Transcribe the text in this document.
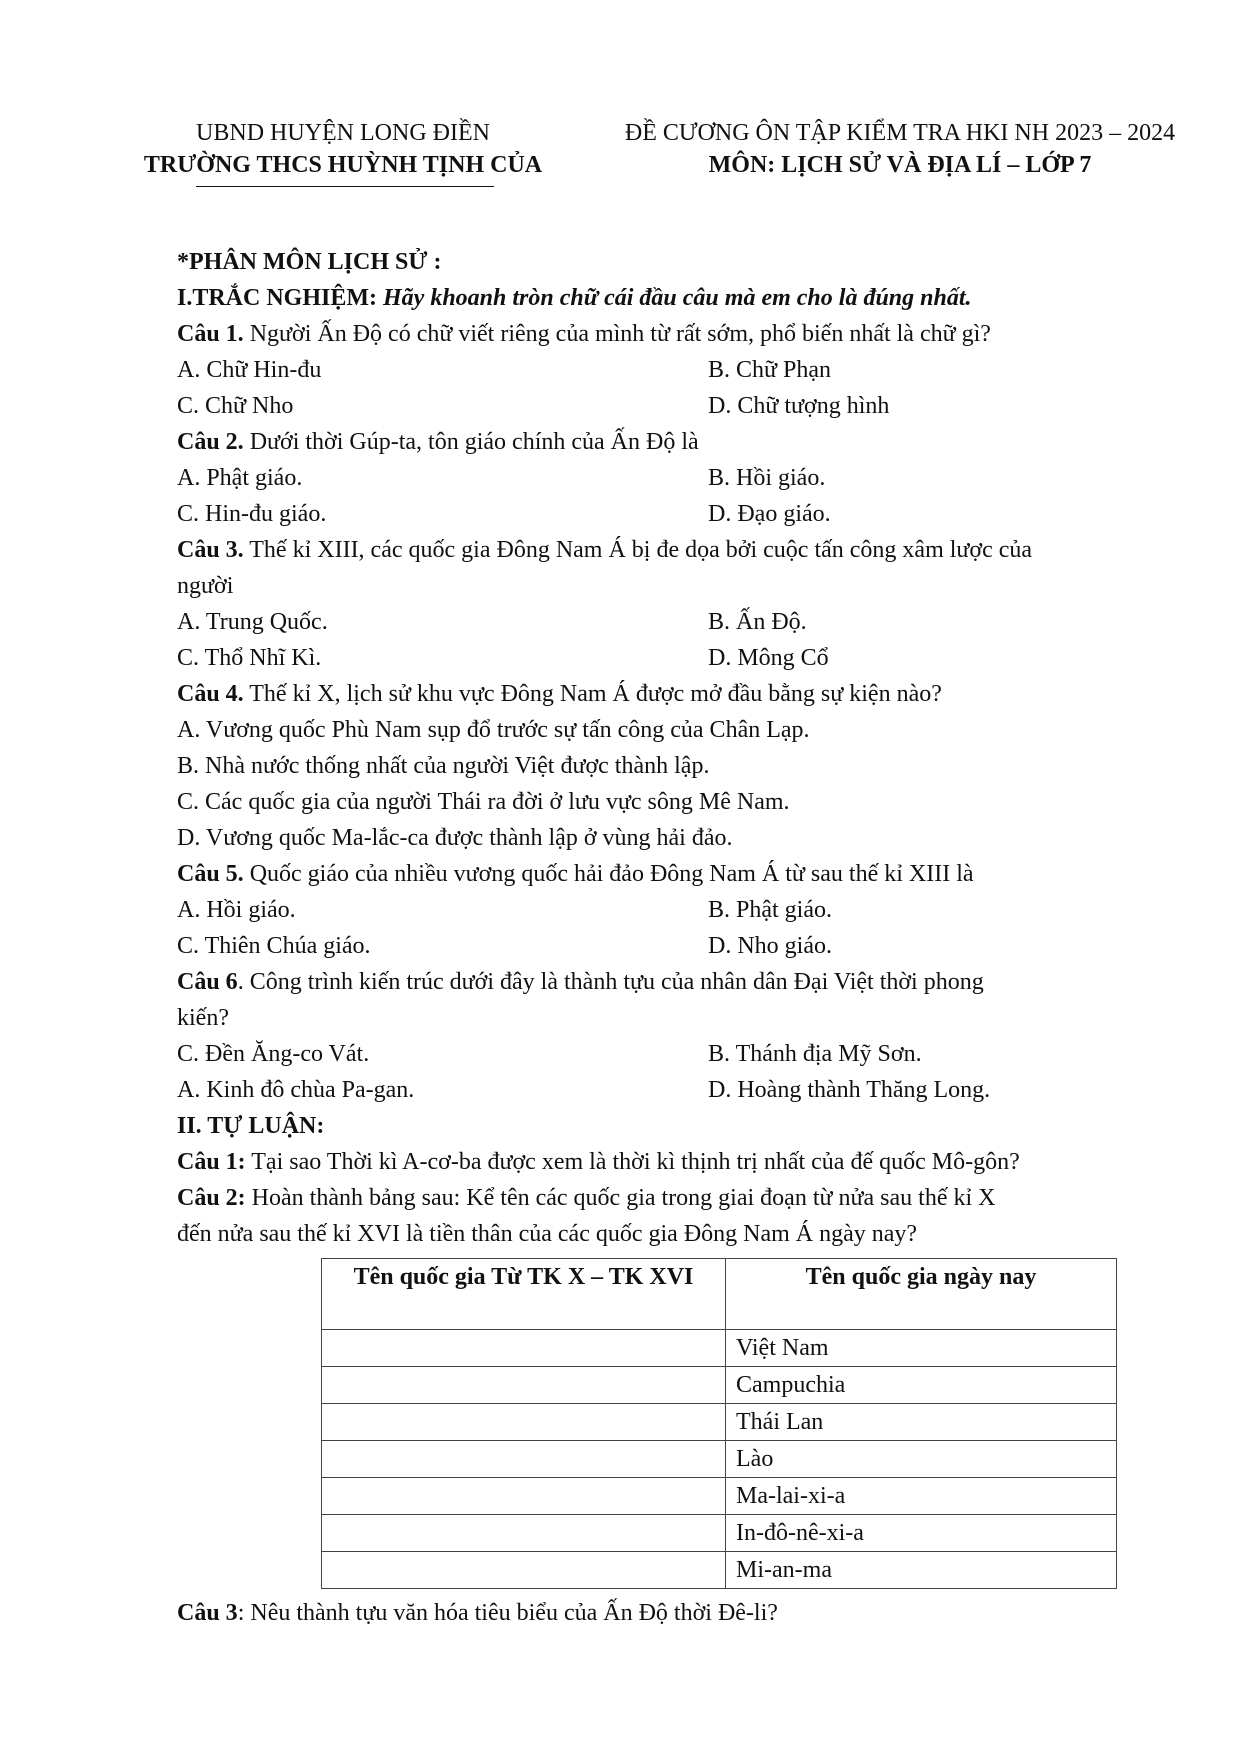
UBND HUYỆN LONG ĐIỀN
TRƯỜNG THCS HUỲNH TỊNH CỦA
ĐỀ CƯƠNG ÔN TẬP KIỂM TRA HKI NH 2023 – 2024
MÔN: LỊCH SỬ VÀ ĐỊA LÍ – LỚP 7
*PHÂN MÔN LỊCH SỬ :
I.TRẮC NGHIỆM: Hãy khoanh tròn chữ cái đầu câu mà em cho là đúng nhất.
Câu 1. Người Ấn Độ có chữ viết riêng của mình từ rất sớm, phổ biến nhất là chữ gì?
A. Chữ Hin-đu	B. Chữ Phạn
C. Chữ Nho	D. Chữ tượng hình
Câu 2. Dưới thời Gúp-ta, tôn giáo chính của Ấn Độ là
A. Phật giáo.	B. Hồi giáo.
C. Hin-đu giáo.	D. Đạo giáo.
Câu 3. Thế kỉ XIII, các quốc gia Đông Nam Á bị đe dọa bởi cuộc tấn công xâm lược của
người
A. Trung Quốc.	B. Ấn Độ.
C. Thổ Nhĩ Kì.	D. Mông Cổ
Câu 4. Thế kỉ X, lịch sử khu vực Đông Nam Á được mở đầu bằng sự kiện nào?
A. Vương quốc Phù Nam sụp đổ trước sự tấn công của Chân Lạp.
B. Nhà nước thống nhất của người Việt được thành lập.
C. Các quốc gia của người Thái ra đời ở lưu vực sông Mê Nam.
D. Vương quốc Ma-lắc-ca được thành lập ở vùng hải đảo.
Câu 5. Quốc giáo của nhiều vương quốc hải đảo Đông Nam Á từ sau thế kỉ XIII là
A. Hồi giáo.	B. Phật giáo.
C. Thiên Chúa giáo.	D. Nho giáo.
Câu 6. Công trình kiến trúc dưới đây là thành tựu của nhân dân Đại Việt thời phong
kiến?
C. Đền Ăng-co Vát.	B. Thánh địa Mỹ Sơn.
A. Kinh đô chùa Pa-gan.	D. Hoàng thành Thăng Long.
II. TỰ LUẬN:
Câu 1: Tại sao Thời kì A-cơ-ba được xem là thời kì thịnh trị nhất của đế quốc Mô-gôn?
Câu 2: Hoàn thành bảng sau: Kể tên các quốc gia trong giai đoạn từ nửa sau thế kỉ X
đến nửa sau thế kỉ XVI là tiền thân của các quốc gia Đông Nam Á ngày nay?
Tên quốc gia Từ TK X – TK XVI	Tên quốc gia ngày nay
	Việt Nam
	Campuchia
	Thái Lan
	Lào
	Ma-lai-xi-a
	In-đô-nê-xi-a
	Mi-an-ma
Câu 3: Nêu thành tựu văn hóa tiêu biểu của Ấn Độ thời Đê-li?
